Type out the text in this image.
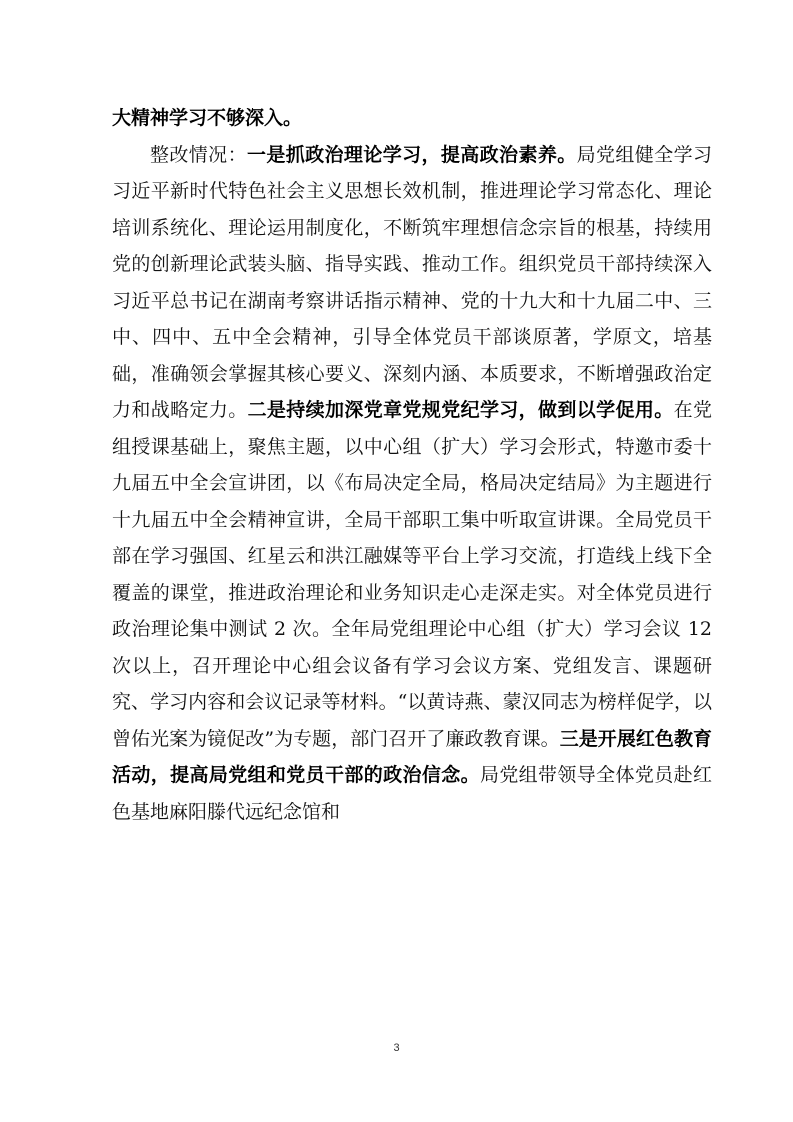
大精神学习不够深入。

整改情况：一是抓政治理论学习，提高政治素养。局党组健全学习习近平新时代特色社会主义思想长效机制，推进理论学习常态化、理论培训系统化、理论运用制度化，不断筑牢理想信念宗旨的根基，持续用党的创新理论武装头脑、指导实践、推动工作。组织党员干部持续深入习近平总书记在湖南考察讲话指示精神、党的十九大和十九届二中、三中、四中、五中全会精神，引导全体党员干部谈原著，学原文，培基础，准确领会掌握其核心要义、深刻内涵、本质要求，不断增强政治定力和战略定力。二是持续加深党章党规党纪学习，做到以学促用。在党组授课基础上，聚焦主题，以中心组（扩大）学习会形式，特邀市委十九届五中全会宣讲团，以《布局决定全局，格局决定结局》为主题进行十九届五中全会精神宣讲，全局干部职工集中听取宣讲课。全局党员干部在学习强国、红星云和洪江融媒等平台上学习交流，打造线上线下全覆盖的课堂，推进政治理论和业务知识走心走深走实。对全体党员进行政治理论集中测试 2 次。全年局党组理论中心组（扩大）学习会议 12 次以上，召开理论中心组会议备有学习会议方案、党组发言、课题研究、学习内容和会议记录等材料。“以黄诗燕、蒙汉同志为榜样促学，以曾佑光案为镜促改”为专题，部门召开了廉政教育课。三是开展红色教育活动，提高局党组和党员干部的政治信念。局党组带领导全体党员赴红色基地麻阳滕代远纪念馆和

3
